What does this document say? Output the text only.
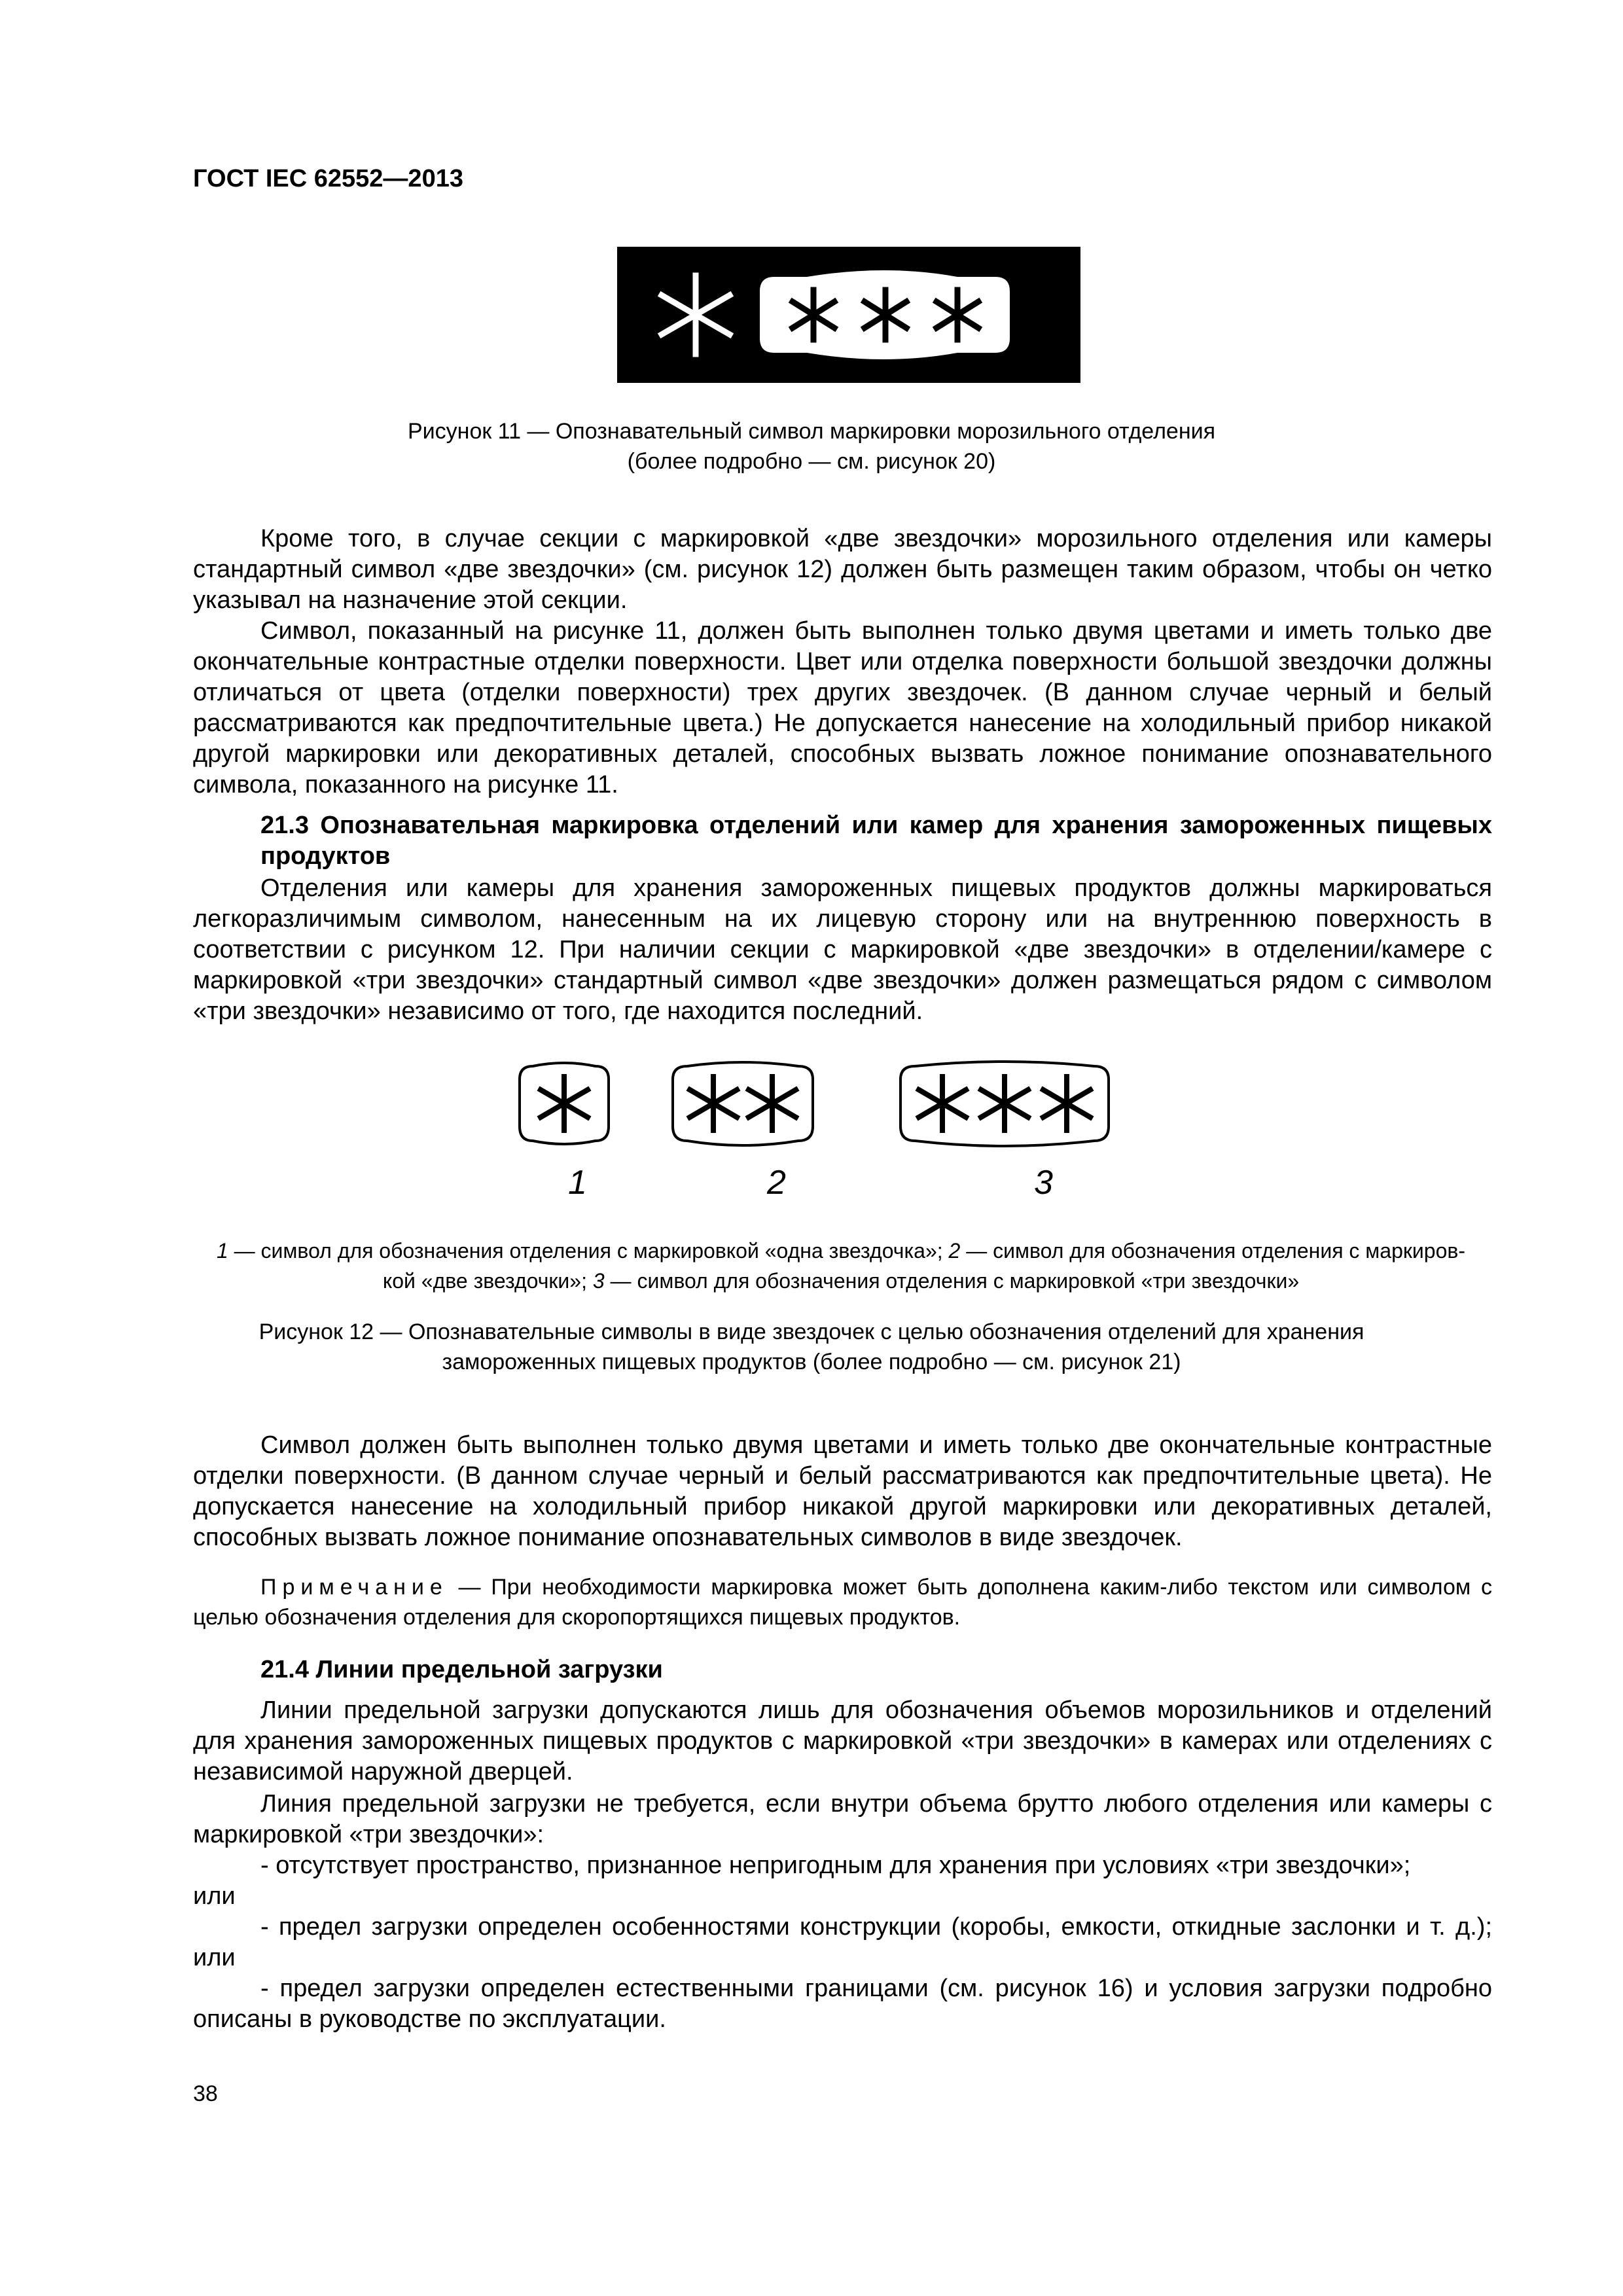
ГОСТ IEC 62552—2013
Рисунок 11 — Опознавательный символ маркировки морозильного отделения
(более подробно — см. рисунок 20)
Кроме того, в случае секции с маркировкой «две звездочки» морозильного отделения или камеры стандартный символ «две звездочки» (см. рисунок 12) должен быть размещен таким образом, чтобы он четко указывал на назначение этой секции.
Символ, показанный на рисунке 11, должен быть выполнен только двумя цветами и иметь только две окончательные контрастные отделки поверхности. Цвет или отделка поверхности большой звездочки должны отличаться от цвета (отделки поверхности) трех других звездочек. (В данном случае черный и белый рассматриваются как предпочтительные цвета.) Не допускается нанесение на холодильный прибор никакой другой маркировки или декоративных деталей, способных вызвать ложное понимание опознавательного символа, показанного на рисунке 11.
21.3 Опознавательная маркировка отделений или камер для хранения замороженных пищевых продуктов
Отделения или камеры для хранения замороженных пищевых продуктов должны маркироваться легкоразличимым символом, нанесенным на их лицевую сторону или на внутреннюю поверхность в соответствии с рисунком 12. При наличии секции с маркировкой «две звездочки» в отделении/камере с маркировкой «три звездочки» стандартный символ «две звездочки» должен размещаться рядом с символом «три звездочки» независимо от того, где находится последний.
1	2	3
1 — символ для обозначения отделения с маркировкой «одна звездочка»; 2 — символ для обозначения отделения с маркиров-
кой «две звездочки»; 3 — символ для обозначения отделения с маркировкой «три звездочки»
Рисунок 12 — Опознавательные символы в виде звездочек с целью обозначения отделений для хранения
замороженных пищевых продуктов (более подробно — см. рисунок 21)
Символ должен быть выполнен только двумя цветами и иметь только две окончательные контрастные отделки поверхности. (В данном случае черный и белый рассматриваются как предпочтительные цвета). Не допускается нанесение на холодильный прибор никакой другой маркировки или декоративных деталей, способных вызвать ложное понимание опознавательных символов в виде звездочек.
Примечание — При необходимости маркировка может быть дополнена каким-либо текстом или символом с целью обозначения отделения для скоропортящихся пищевых продуктов.
21.4 Линии предельной загрузки
Линии предельной загрузки допускаются лишь для обозначения объемов морозильников и отделений для хранения замороженных пищевых продуктов с маркировкой «три звездочки» в камерах или отделениях с независимой наружной дверцей.
Линия предельной загрузки не требуется, если внутри объема брутто любого отделения или камеры с маркировкой «три звездочки»:
- отсутствует пространство, признанное непригодным для хранения при условиях «три звездочки»;
или
- предел загрузки определен особенностями конструкции (коробы, емкости, откидные заслонки и т. д.); или
- предел загрузки определен естественными границами (см. рисунок 16) и условия загрузки подробно описаны в руководстве по эксплуатации.
38
